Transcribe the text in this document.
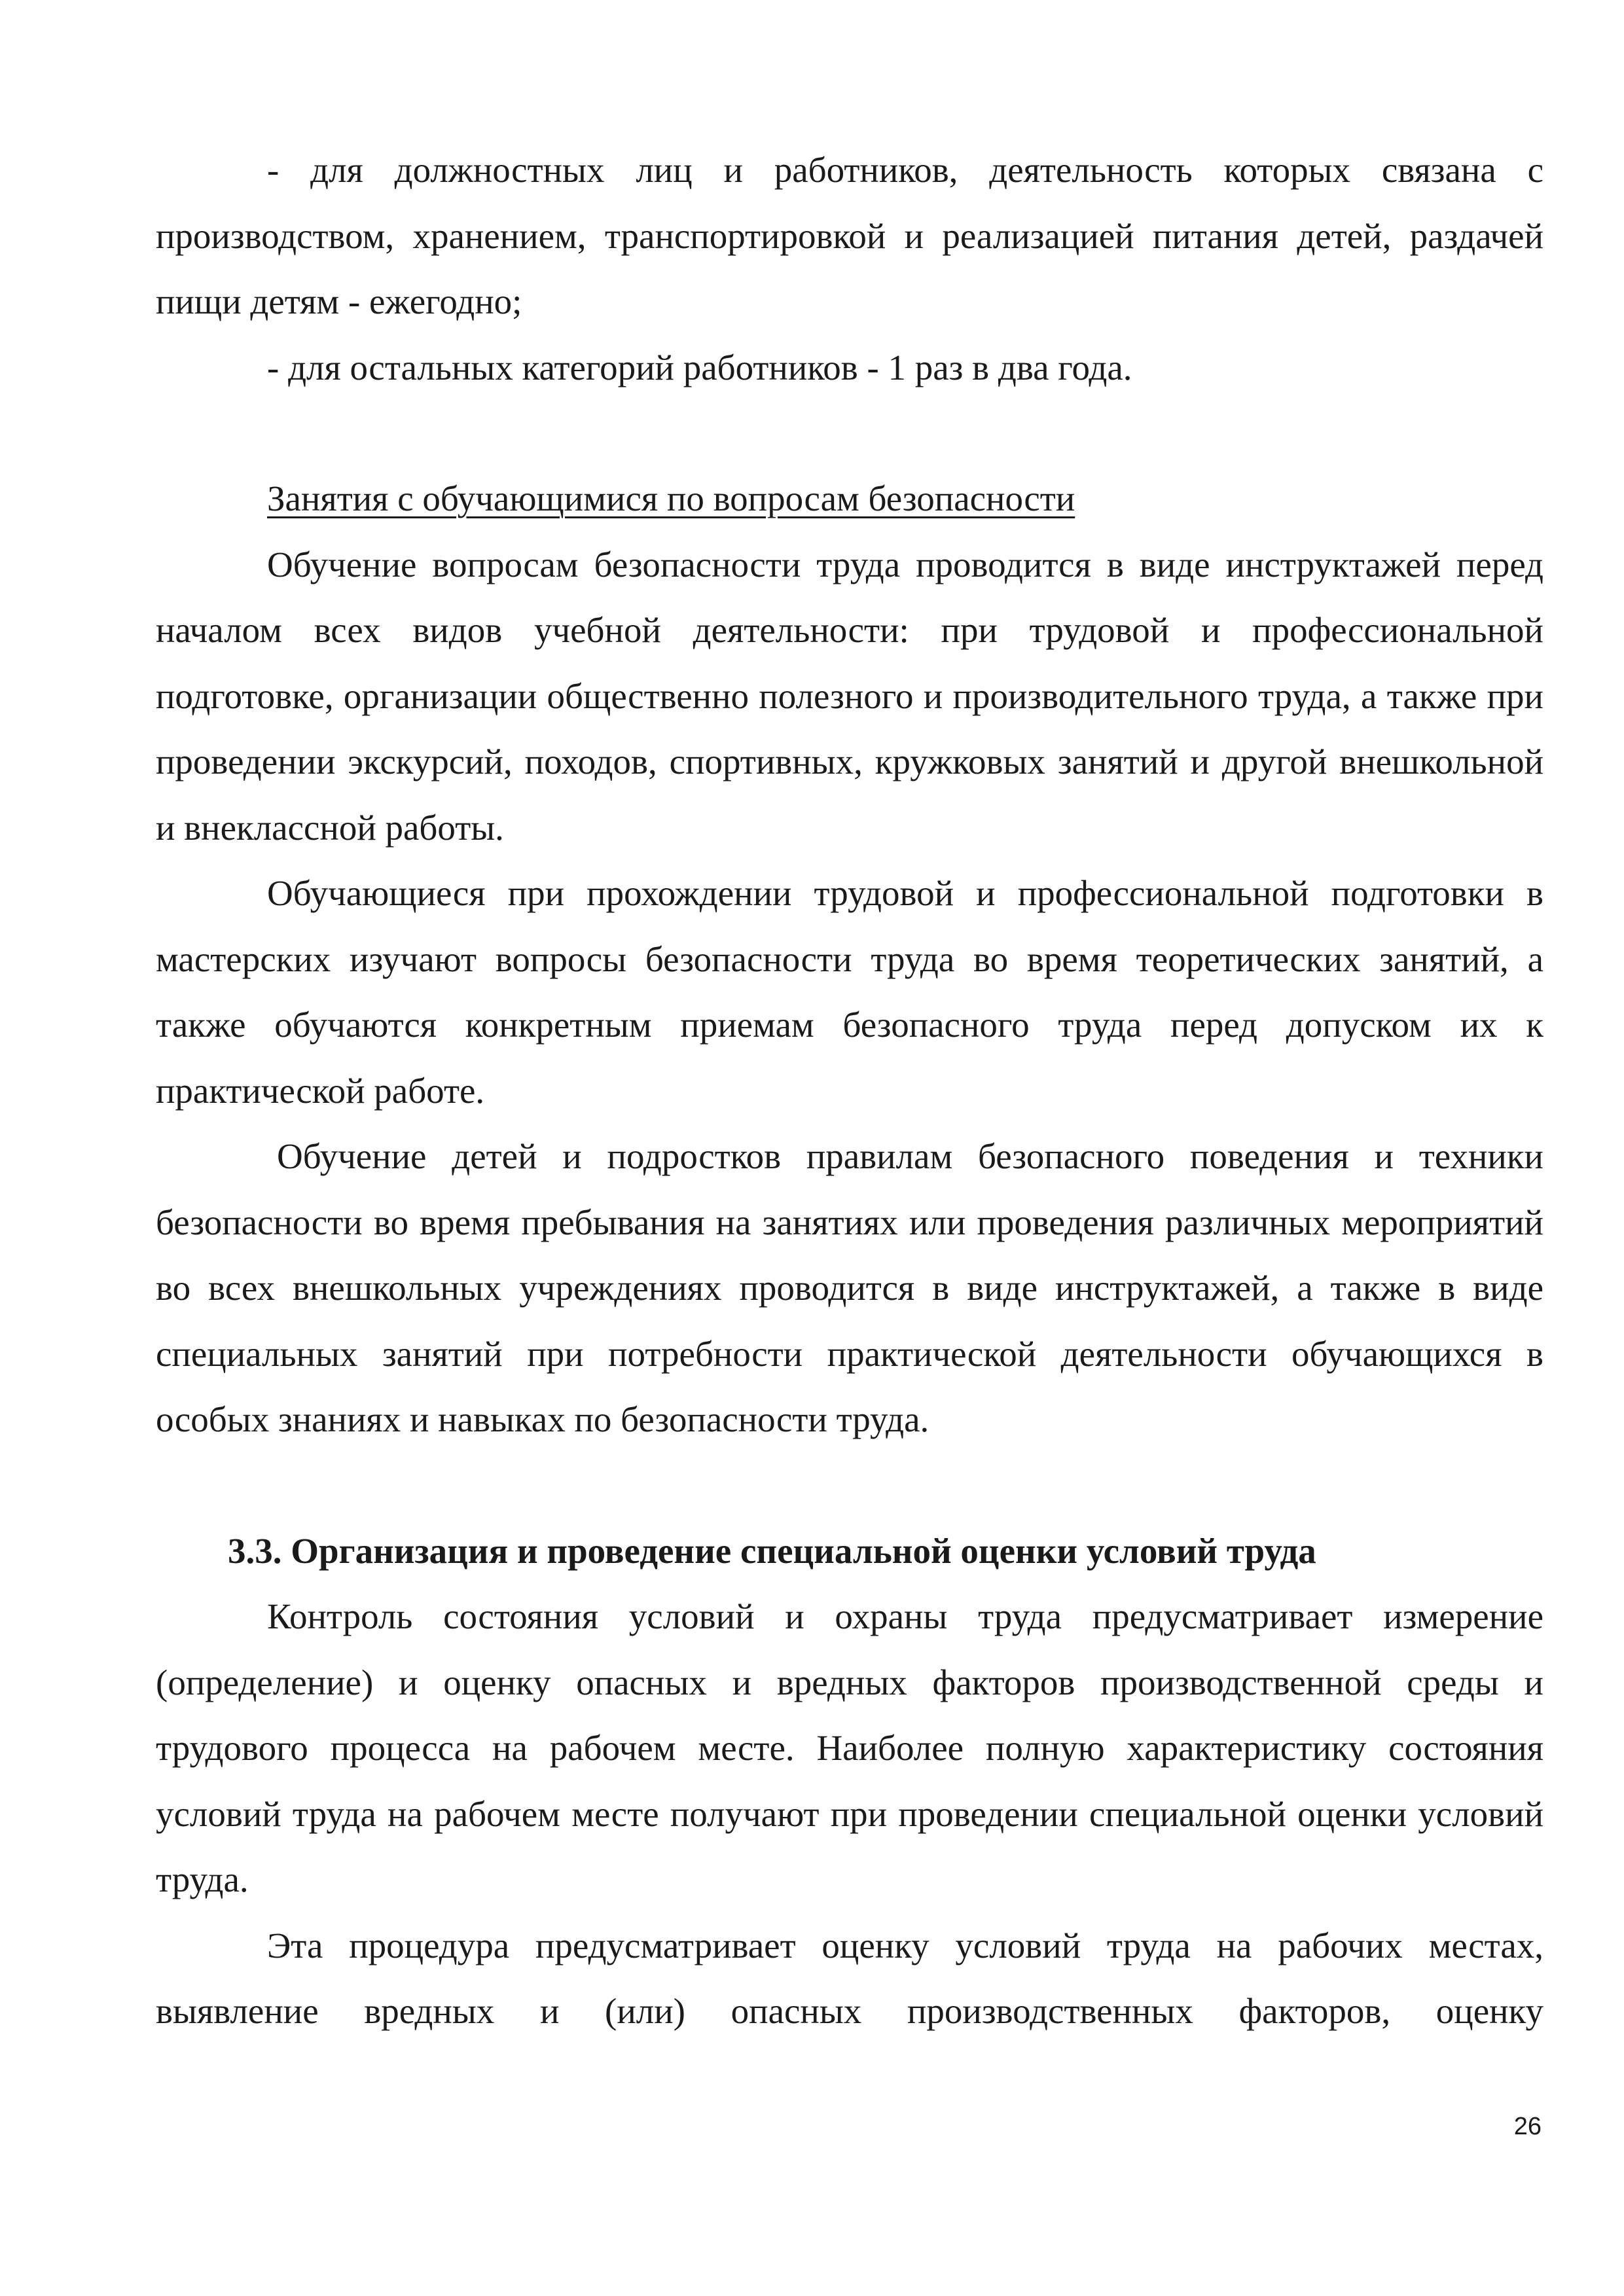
- для должностных лиц и работников, деятельность которых связана с производством, хранением, транспортировкой и реализацией питания детей, раздачей пищи детям - ежегодно;

- для остальных категорий работников - 1 раз в два года.

Занятия с обучающимися по вопросам безопасности

Обучение вопросам безопасности труда проводится в виде инструктажей перед началом всех видов учебной деятельности: при трудовой и профессиональной подготовке, организации общественно полезного и производительного труда, а также при проведении экскурсий, походов, спортивных, кружковых занятий и другой внешкольной и внеклассной работы.

Обучающиеся при прохождении трудовой и профессиональной подготовки в мастерских изучают вопросы безопасности труда во время теоретических занятий, а также обучаются конкретным приемам безопасного труда перед допуском их к практической работе.

Обучение детей и подростков правилам безопасного поведения и техники безопасности во время пребывания на занятиях или проведения различных мероприятий во всех внешкольных учреждениях проводится в виде инструктажей, а также в виде специальных занятий при потребности практической деятельности обучающихся в особых знаниях и навыках по безопасности труда.

3.3. Организация и проведение специальной оценки условий труда

Контроль состояния условий и охраны труда предусматривает измерение (определение) и оценку опасных и вредных факторов производственной среды и трудового процесса на рабочем месте. Наиболее полную характеристику состояния условий труда на рабочем месте получают при проведении специальной оценки условий труда.

Эта процедура предусматривает оценку условий труда на рабочих местах, выявление вредных и (или) опасных производственных факторов, оценку

26
